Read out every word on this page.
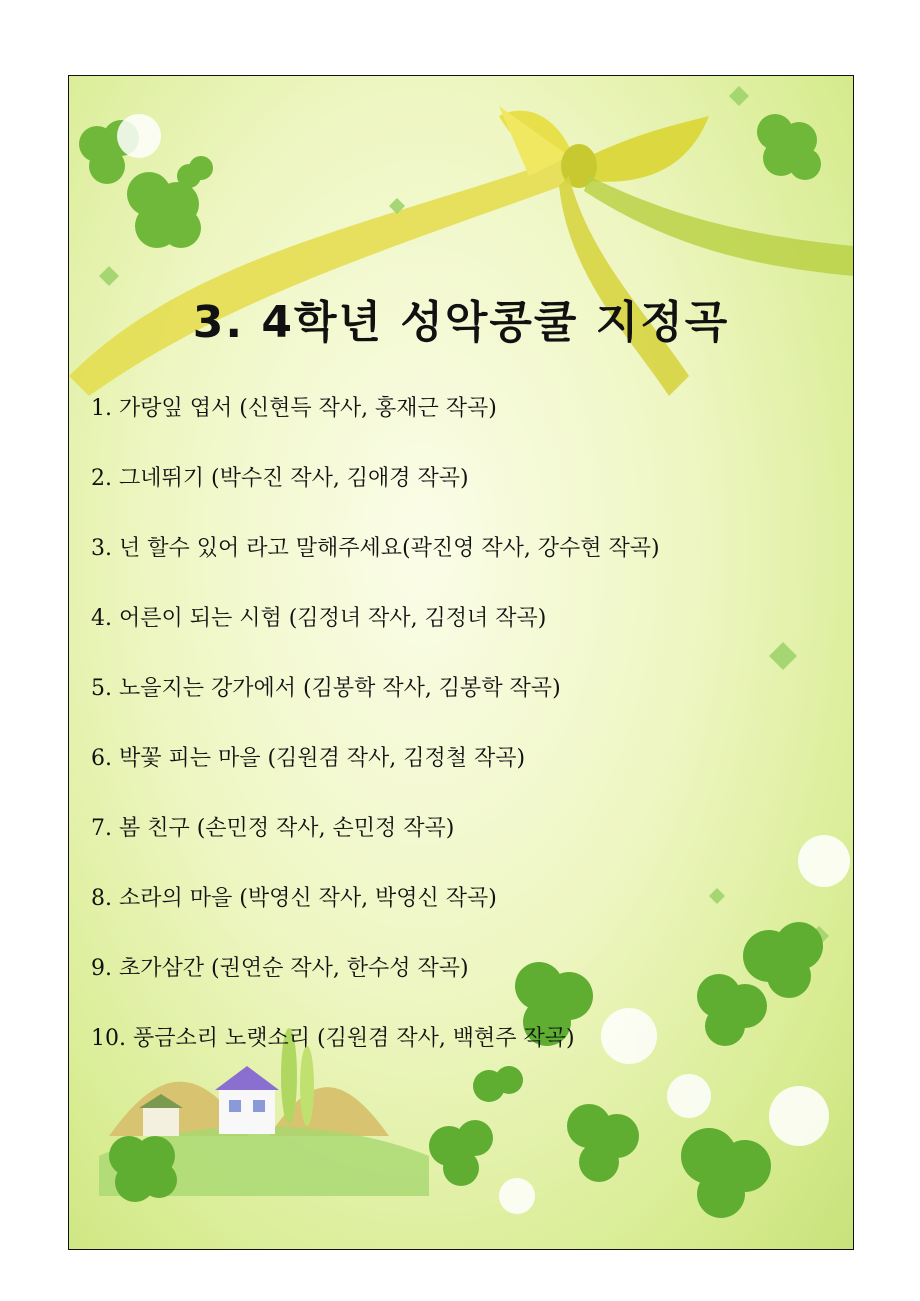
3. 4학년 성악콩쿨 지정곡
1. 가랑잎 엽서 (신현득 작사, 홍재근 작곡)
2. 그네뛰기 (박수진 작사, 김애경 작곡)
3. 넌 할수 있어 라고 말해주세요(곽진영 작사, 강수현 작곡)
4. 어른이 되는 시험 (김정녀 작사, 김정녀 작곡)
5. 노을지는 강가에서 (김봉학 작사, 김봉학 작곡)
6. 박꽃 피는 마을 (김원겸 작사, 김정철 작곡)
7. 봄 친구 (손민정 작사, 손민정 작곡)
8. 소라의 마을 (박영신 작사, 박영신 작곡)
9. 초가삼간 (권연순 작사, 한수성 작곡)
10. 풍금소리 노랫소리 (김원겸 작사, 백현주 작곡)
